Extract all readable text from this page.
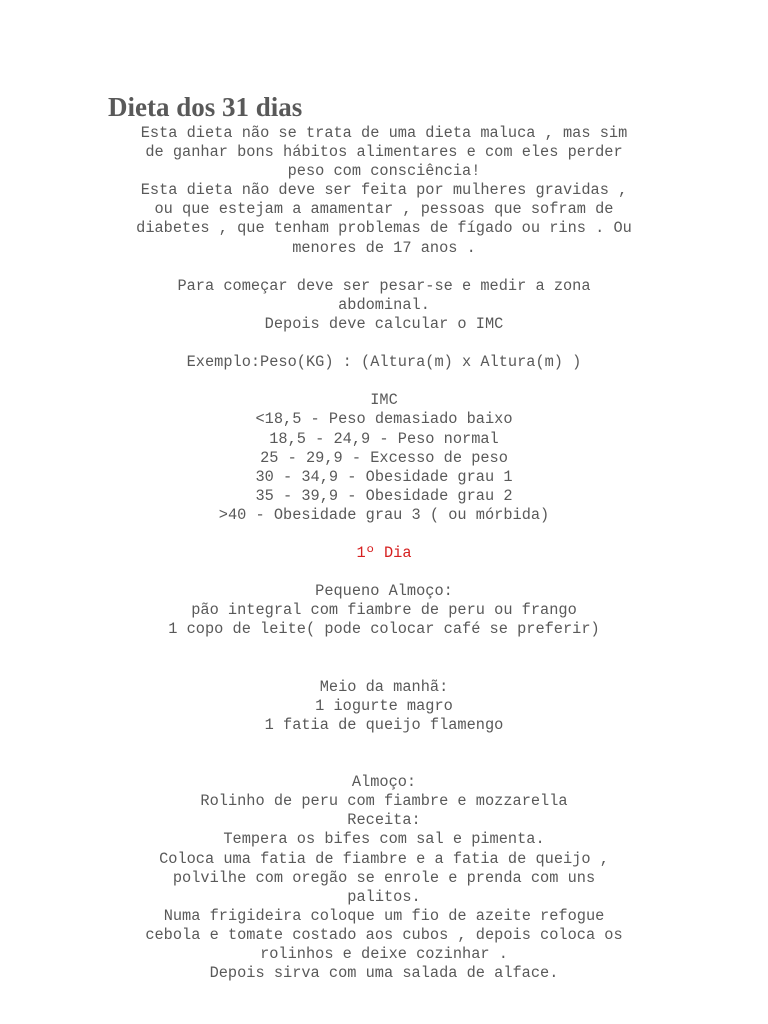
Dieta dos 31 dias
Esta dieta não se trata de uma dieta maluca , mas sim
de ganhar bons hábitos alimentares e com eles perder
peso com consciência!
Esta dieta não deve ser feita por mulheres gravidas ,
ou que estejam a amamentar , pessoas que sofram de
diabetes , que tenham problemas de fígado ou rins . Ou
menores de 17 anos .
Para começar deve ser pesar-se e medir a zona
abdominal.
Depois deve calcular o IMC
Exemplo:Peso(KG) : (Altura(m) x Altura(m) )
IMC
<18,5 - Peso demasiado baixo
18,5 - 24,9 - Peso normal
25 - 29,9 - Excesso de peso
30 - 34,9 - Obesidade grau 1
35 - 39,9 - Obesidade grau 2
>40 - Obesidade grau 3 ( ou mórbida)
1º Dia
Pequeno Almoço:
pão integral com fiambre de peru ou frango
1 copo de leite( pode colocar café se preferir)
Meio da manhã:
1 iogurte magro
1 fatia de queijo flamengo
Almoço:
Rolinho de peru com fiambre e mozzarella
Receita:
Tempera os bifes com sal e pimenta.
Coloca uma fatia de fiambre e a fatia de queijo ,
polvilhe com oregão se enrole e prenda com uns
palitos.
Numa frigideira coloque um fio de azeite refogue
cebola e tomate costado aos cubos , depois coloca os
rolinhos e deixe cozinhar .
Depois sirva com uma salada de alface.
